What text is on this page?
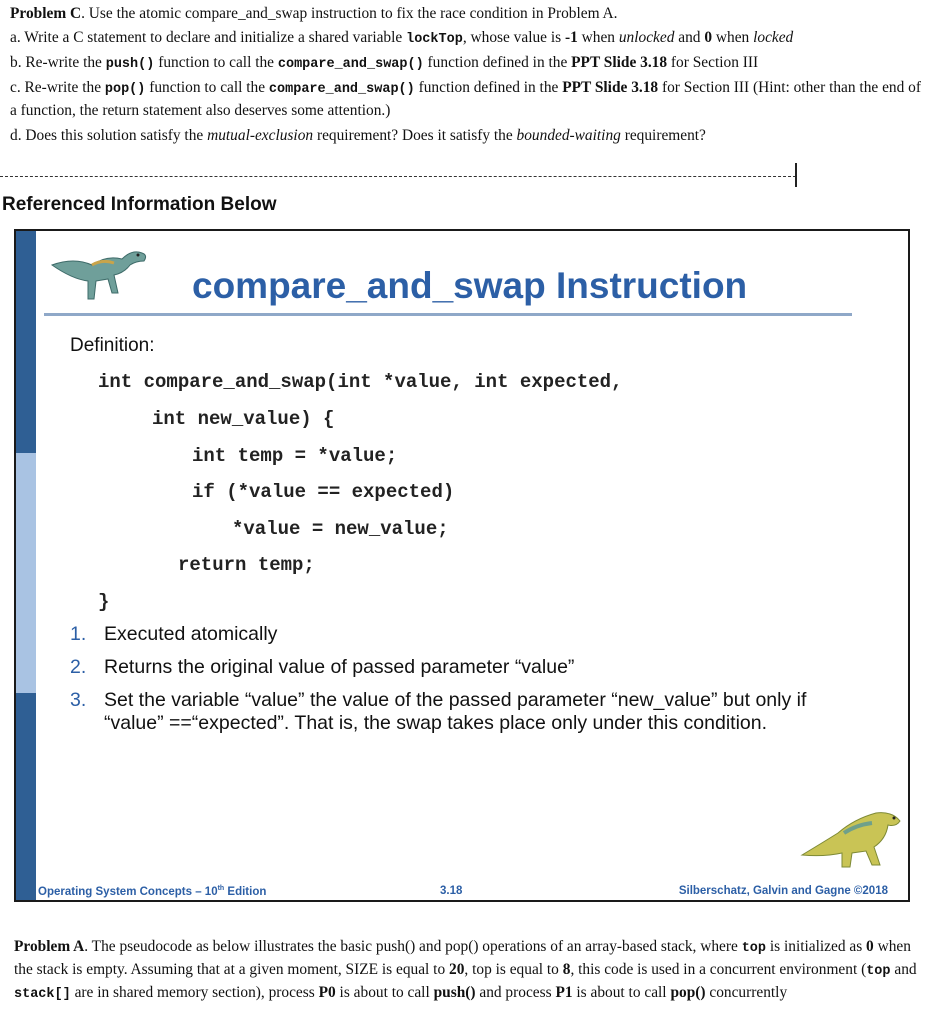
Problem C. Use the atomic compare_and_swap instruction to fix the race condition in Problem A.
a. Write a C statement to declare and initialize a shared variable lockTop, whose value is -1 when unlocked and 0 when locked
b. Re-write the push() function to call the compare_and_swap() function defined in the PPT Slide 3.18 for Section III
c. Re-write the pop() function to call the compare_and_swap() function defined in the PPT Slide 3.18 for Section III (Hint: other than the end of a function, the return statement also deserves some attention.)
d. Does this solution satisfy the mutual-exclusion requirement? Does it satisfy the bounded-waiting requirement?
Referenced Information Below
compare_and_swap Instruction
Definition:
int compare_and_swap(int *value, int expected,
int new_value) {
int temp = *value;
if (*value == expected)
*value = new_value;
return temp;
}
1. Executed atomically
2. Returns the original value of passed parameter “value”
3. Set the variable “value” the value of the passed parameter “new_value” but only if “value” ==“expected”. That is, the swap takes place only under this condition.
Operating System Concepts – 10th Edition	3.18	Silberschatz, Galvin and Gagne ©2018
Problem A. The pseudocode as below illustrates the basic push() and pop() operations of an array-based stack, where top is initialized as 0 when the stack is empty. Assuming that at a given moment, SIZE is equal to 20, top is equal to 8, this code is used in a concurrent environment (top and stack[] are in shared memory section), process P0 is about to call push() and process P1 is about to call pop() concurrently
